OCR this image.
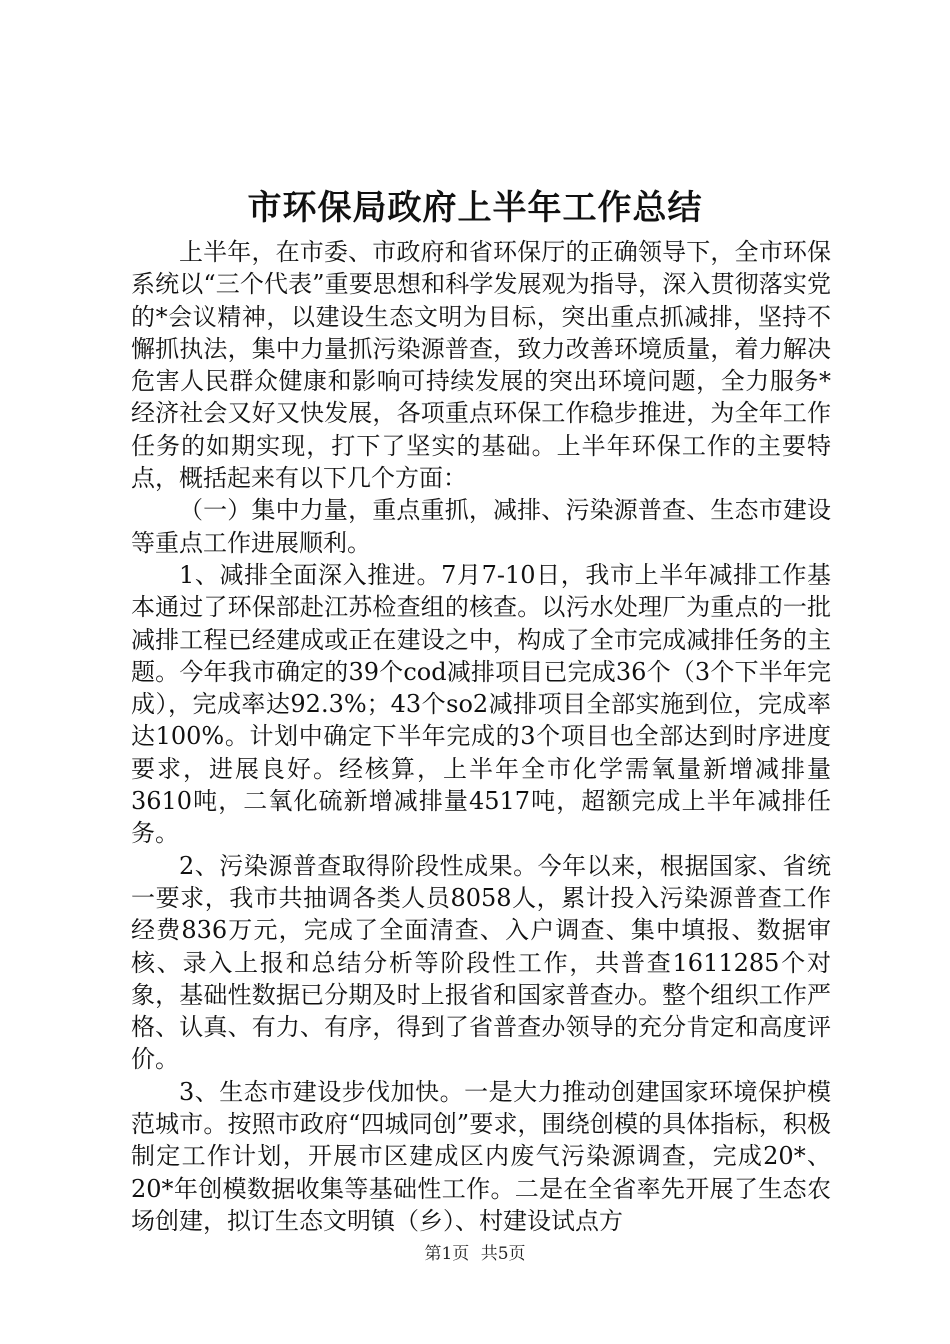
市环保局政府上半年工作总结

上半年，在市委、市政府和省环保厅的正确领导下，全市环保系统以“三个代表”重要思想和科学发展观为指导，深入贯彻落实党的*会议精神，以建设生态文明为目标，突出重点抓减排，坚持不懈抓执法，集中力量抓污染源普查，致力改善环境质量，着力解决危害人民群众健康和影响可持续发展的突出环境问题，全力服务*经济社会又好又快发展，各项重点环保工作稳步推进，为全年工作任务的如期实现，打下了坚实的基础。上半年环保工作的主要特点，概括起来有以下几个方面：

（一）集中力量，重点重抓，减排、污染源普查、生态市建设等重点工作进展顺利。

1、减排全面深入推进。7月7-10日，我市上半年减排工作基本通过了环保部赴江苏检查组的核查。以污水处理厂为重点的一批减排工程已经建成或正在建设之中，构成了全市完成减排任务的主题。今年我市确定的39个cod减排项目已完成36个（3个下半年完成），完成率达92.3%；43个so2减排项目全部实施到位，完成率达100%。计划中确定下半年完成的3个项目也全部达到时序进度要求，进展良好。经核算，上半年全市化学需氧量新增减排量3610吨，二氧化硫新增减排量4517吨，超额完成上半年减排任务。

2、污染源普查取得阶段性成果。今年以来，根据国家、省统一要求，我市共抽调各类人员8058人，累计投入污染源普查工作经费836万元，完成了全面清查、入户调查、集中填报、数据审核、录入上报和总结分析等阶段性工作，共普查1611285个对象，基础性数据已分期及时上报省和国家普查办。整个组织工作严格、认真、有力、有序，得到了省普查办领导的充分肯定和高度评价。

3、生态市建设步伐加快。一是大力推动创建国家环境保护模范城市。按照市政府“四城同创”要求，围绕创模的具体指标，积极制定工作计划，开展市区建成区内废气污染源调查，完成20*、20*年创模数据收集等基础性工作。二是在全省率先开展了生态农场创建，拟订生态文明镇（乡）、村建设试点方

第1页 共5页
